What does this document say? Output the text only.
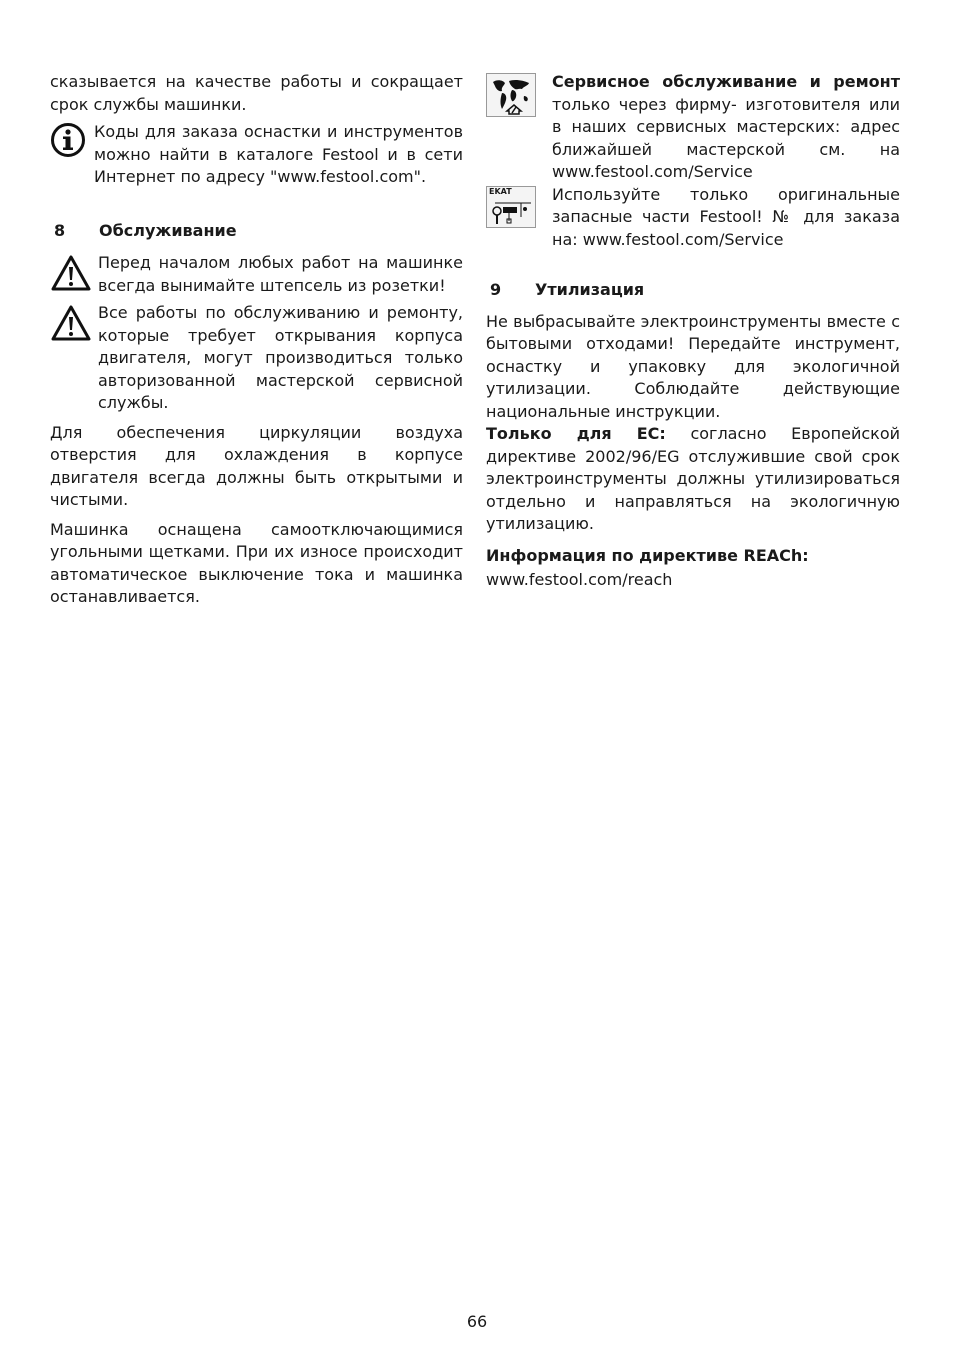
сказывается на качестве работы и сокращает срок службы машинки.

Коды для заказа оснастки и инструментов можно найти в каталоге Festool и в сети Интернет по адресу "www.festool.com".

8	Обслуживание

Перед началом любых работ на машинке всегда вынимайте штепсель из розетки!

Все работы по обслуживанию и ремонту, которые требует открывания корпуса двигателя, могут производиться только авторизованной мастерской сервисной службы.

Для обеспечения циркуляции воздуха отверстия для охлаждения в корпусе двигателя всегда должны быть открытыми и чистыми.

Машинка оснащена самоотключающимися угольными щетками. При их износе происходит автоматическое выключение тока и машинка останавливается.

Сервисное обслуживание и ремонт только через фирму- изготовителя или в наших сервисных мастерских: адрес ближайшей мастерской см. на www.festool.com/Service

EKAT	Используйте только оригинальные запасные части Festool! № для заказа на: www.festool.com/Service

9	Утилизация

Не выбрасывайте электроинструменты вместе с бытовыми отходами! Передайте инструмент, оснастку и упаковку для экологичной утилизации. Соблюдайте действующие национальные инструкции.

Только для ЕС: согласно Европейской директиве 2002/96/EG отслужившие свой срок электроинструменты должны утилизироваться отдельно и направляться на экологичную утилизацию.

Информация по директиве REACh:

www.festool.com/reach

66
